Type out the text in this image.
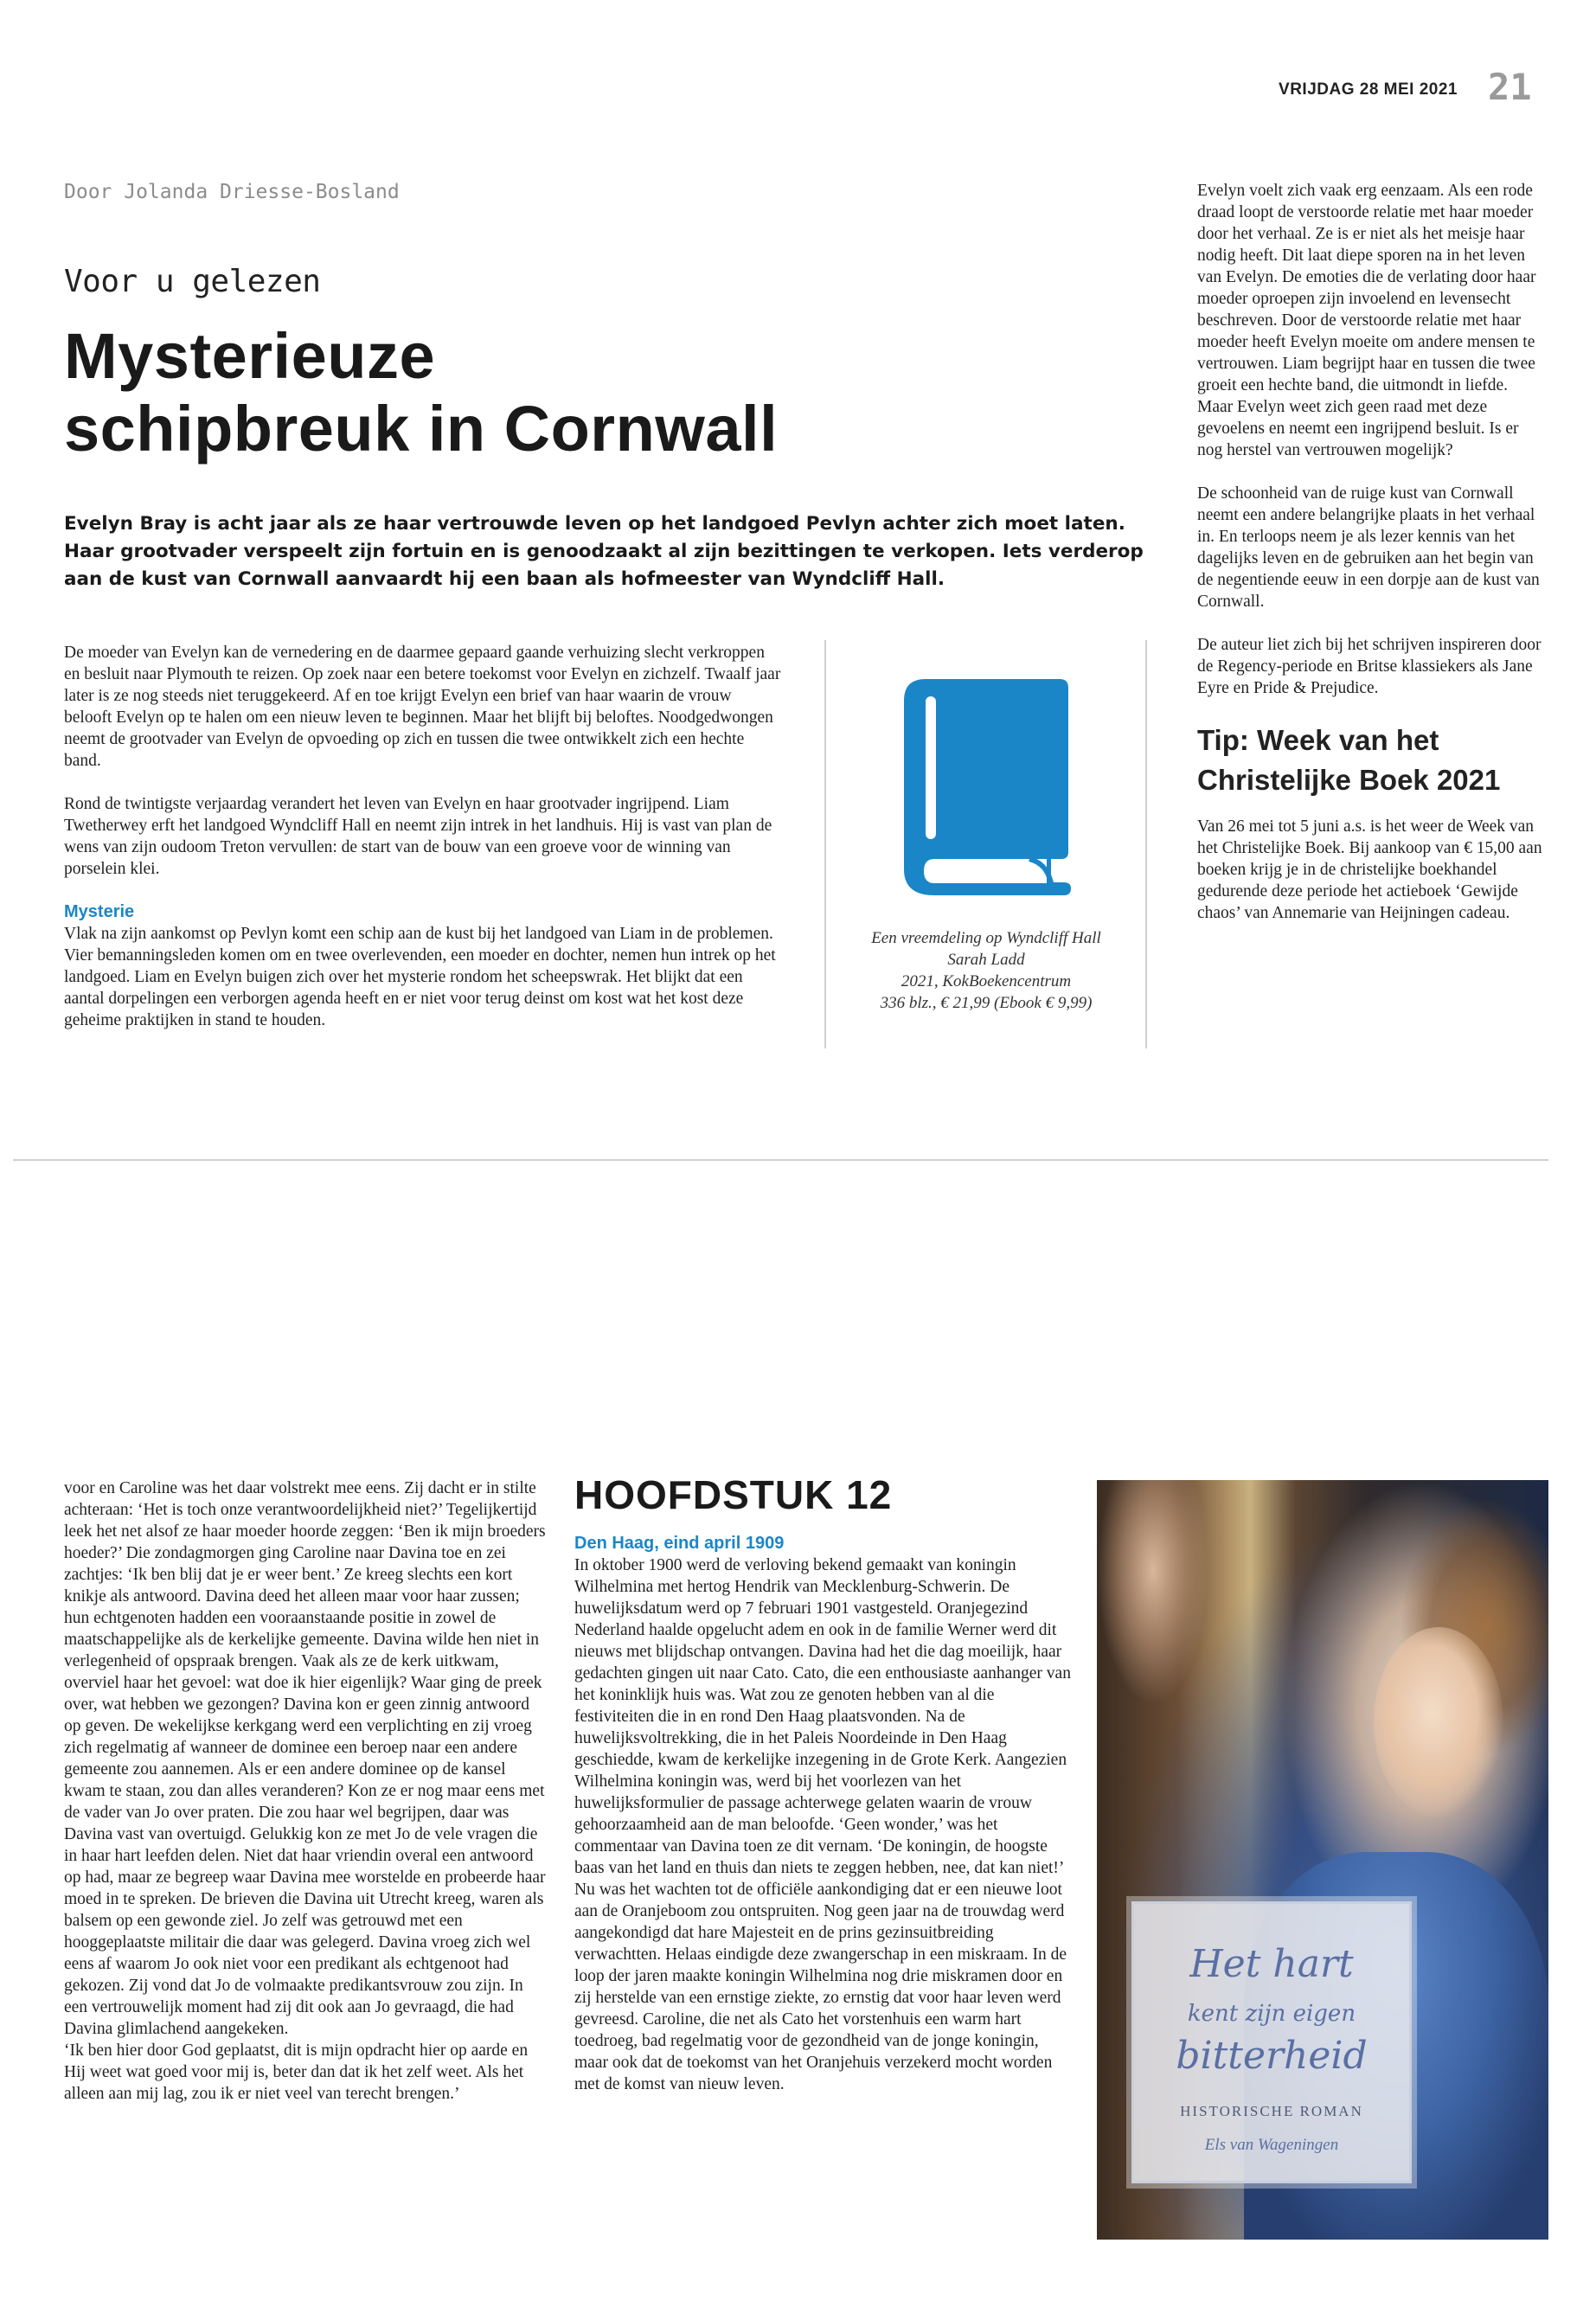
VRIJDAG 28 MEI 2021 21
Door Jolanda Driesse-Bosland
Voor u gelezen
Mysterieuze
schipbreuk in Cornwall
Evelyn Bray is acht jaar als ze haar vertrouwde leven op het landgoed Pevlyn achter zich moet laten. Haar grootvader verspeelt zijn fortuin en is genoodzaakt al zijn bezittingen te verkopen. Iets verderop aan de kust van Cornwall aanvaardt hij een baan als hofmeester van Wyndcliff Hall.

De moeder van Evelyn kan de vernedering en de daarmee gepaard gaande verhuizing slecht verkroppen en besluit naar Plymouth te reizen. Op zoek naar een betere toekomst voor Evelyn en zichzelf. Twaalf jaar later is ze nog steeds niet teruggekeerd. Af en toe krijgt Evelyn een brief van haar waarin de vrouw belooft Evelyn op te halen om een nieuw leven te beginnen. Maar het blijft bij beloftes. Noodgedwongen neemt de grootvader van Evelyn de opvoeding op zich en tussen die twee ontwikkelt zich een hechte band.

Rond de twintigste verjaardag verandert het leven van Evelyn en haar grootvader ingrijpend. Liam Twetherwey erft het landgoed Wyndcliff Hall en neemt zijn intrek in het landhuis. Hij is vast van plan de wens van zijn oudoom Treton vervullen: de start van de bouw van een groeve voor de winning van porselein klei.

Mysterie

Vlak na zijn aankomst op Pevlyn komt een schip aan de kust bij het landgoed van Liam in de problemen. Vier bemanningsleden komen om en twee overlevenden, een moeder en dochter, nemen hun intrek op het landgoed. Liam en Evelyn buigen zich over het mysterie rondom het scheepswrak. Het blijkt dat een aantal dorpelingen een verborgen agenda heeft en er niet voor terug deinst om kost wat het kost deze geheime praktijken in stand te houden.

Een vreemdeling op Wyndcliff Hall
Sarah Ladd
2021, KokBoekencentrum
336 blz., € 21,99 (Ebook € 9,99)

Evelyn voelt zich vaak erg eenzaam. Als een rode draad loopt de verstoorde relatie met haar moeder door het verhaal. Ze is er niet als het meisje haar nodig heeft. Dit laat diepe sporen na in het leven van Evelyn. De emoties die de verlating door haar moeder oproepen zijn invoelend en levensecht beschreven. Door de verstoorde relatie met haar moeder heeft Evelyn moeite om andere mensen te vertrouwen. Liam begrijpt haar en tussen die twee groeit een hechte band, die uitmondt in liefde. Maar Evelyn weet zich geen raad met deze gevoelens en neemt een ingrijpend besluit. Is er nog herstel van vertrouwen mogelijk?

De schoonheid van de ruige kust van Cornwall neemt een andere belangrijke plaats in het verhaal in. En terloops neem je als lezer kennis van het dagelijks leven en de gebruiken aan het begin van de negentiende eeuw in een dorpje aan de kust van Cornwall.

De auteur liet zich bij het schrijven inspireren door de Regency-periode en Britse klassiekers als Jane Eyre en Pride & Prejudice.

Tip: Week van het Christelijke Boek 2021

Van 26 mei tot 5 juni a.s. is het weer de Week van het Christelijke Boek. Bij aankoop van € 15,00 aan boeken krijg je in de christelijke boekhandel gedurende deze periode het actieboek ‘Gewijde chaos’ van Annemarie van Heijningen cadeau.

voor en Caroline was het daar volstrekt mee eens. Zij dacht er in stilte achteraan: ‘Het is toch onze verantwoordelijkheid niet?’ Tegelijkertijd leek het net alsof ze haar moeder hoorde zeggen: ‘Ben ik mijn broeders hoeder?’ Die zondagmorgen ging Caroline naar Davina toe en zei zachtjes: ‘Ik ben blij dat je er weer bent.’ Ze kreeg slechts een kort knikje als antwoord. Davina deed het alleen maar voor haar zussen; hun echtgenoten hadden een vooraanstaande positie in zowel de maatschappelijke als de kerkelijke gemeente. Davina wilde hen niet in verlegenheid of opspraak brengen. Vaak als ze de kerk uitkwam, overviel haar het gevoel: wat doe ik hier eigenlijk? Waar ging de preek over, wat hebben we gezongen? Davina kon er geen zinnig antwoord op geven. De wekelijkse kerkgang werd een verplichting en zij vroeg zich regelmatig af wanneer de dominee een beroep naar een andere gemeente zou aannemen. Als er een andere dominee op de kansel kwam te staan, zou dan alles veranderen? Kon ze er nog maar eens met de vader van Jo over praten. Die zou haar wel begrijpen, daar was Davina vast van overtuigd. Gelukkig kon ze met Jo de vele vragen die in haar hart leefden delen. Niet dat haar vriendin overal een antwoord op had, maar ze begreep waar Davina mee worstelde en probeerde haar moed in te spreken. De brieven die Davina uit Utrecht kreeg, waren als balsem op een gewonde ziel. Jo zelf was getrouwd met een hooggeplaatste militair die daar was gelegerd. Davina vroeg zich wel eens af waarom Jo ook niet voor een predikant als echtgenoot had gekozen. Zij vond dat Jo de volmaakte predikantsvrouw zou zijn. In een vertrouwelijk moment had zij dit ook aan Jo gevraagd, die had Davina glimlachend aangekeken.

‘Ik ben hier door God geplaatst, dit is mijn opdracht hier op aarde en Hij weet wat goed voor mij is, beter dan dat ik het zelf weet. Als het alleen aan mij lag, zou ik er niet veel van terecht brengen.’

HOOFDSTUK 12
Den Haag, eind april 1909

In oktober 1900 werd de verloving bekend gemaakt van koningin Wilhelmina met hertog Hendrik van Mecklenburg-Schwerin. De huwelijksdatum werd op 7 februari 1901 vastgesteld. Oranjegezind Nederland haalde opgelucht adem en ook in de familie Werner werd dit nieuws met blijdschap ontvangen. Davina had het die dag moeilijk, haar gedachten gingen uit naar Cato. Cato, die een enthousiaste aanhanger van het koninklijk huis was. Wat zou ze genoten hebben van al die festiviteiten die in en rond Den Haag plaatsvonden. Na de huwelijksvoltrekking, die in het Paleis Noordeinde in Den Haag geschiedde, kwam de kerkelijke inzegening in de Grote Kerk. Aangezien Wilhelmina koningin was, werd bij het voorlezen van het huwelijksformulier de passage achterwege gelaten waarin de vrouw gehoorzaamheid aan de man beloofde. ‘Geen wonder,’ was het commentaar van Davina toen ze dit vernam. ‘De koningin, de hoogste baas van het land en thuis dan niets te zeggen hebben, nee, dat kan niet!’ Nu was het wachten tot de officiële aankondiging dat er een nieuwe loot aan de Oranjeboom zou ontspruiten. Nog geen jaar na de trouwdag werd aangekondigd dat hare Majesteit en de prins gezinsuitbreiding verwachtten. Helaas eindigde deze zwangerschap in een miskraam. In de loop der jaren maakte koningin Wilhelmina nog drie miskramen door en zij herstelde van een ernstige ziekte, zo ernstig dat voor haar leven werd gevreesd. Caroline, die net als Cato het vorstenhuis een warm hart toedroeg, bad regelmatig voor de gezondheid van de jonge koningin, maar ook dat de toekomst van het Oranjehuis verzekerd mocht worden met de komst van nieuw leven.

Het hart
kent zijn eigen
bitterheid
HISTORISCHE ROMAN
Els van Wageningen
